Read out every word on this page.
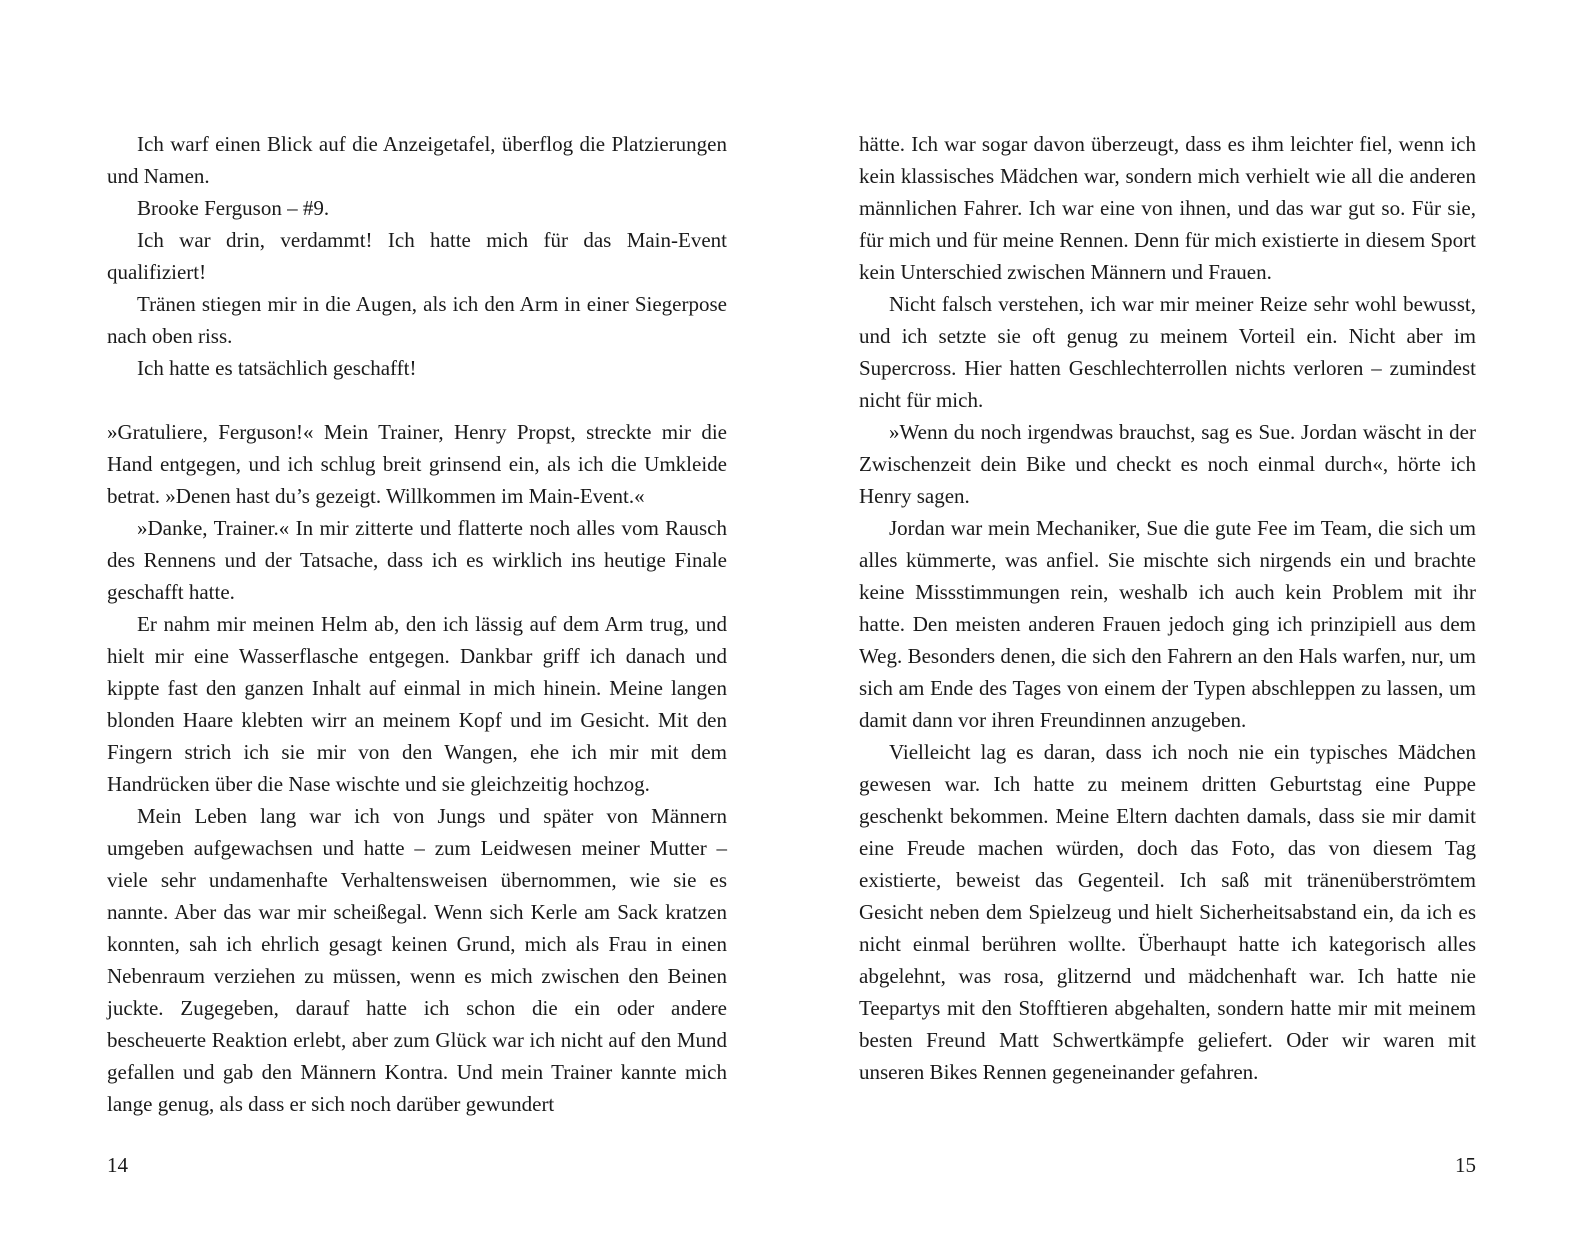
Ich warf einen Blick auf die Anzeigetafel, überflog die Platzierungen und Namen.

Brooke Ferguson – #9.

Ich war drin, verdammt! Ich hatte mich für das Main-Event qualifiziert!

Tränen stiegen mir in die Augen, als ich den Arm in einer Siegerpose nach oben riss.

Ich hatte es tatsächlich geschafft!

»Gratuliere, Ferguson!« Mein Trainer, Henry Propst, streckte mir die Hand entgegen, und ich schlug breit grinsend ein, als ich die Umkleide betrat. »Denen hast du’s gezeigt. Willkommen im Main-Event.«

»Danke, Trainer.« In mir zitterte und flatterte noch alles vom Rausch des Rennens und der Tatsache, dass ich es wirklich ins heutige Finale geschafft hatte.

Er nahm mir meinen Helm ab, den ich lässig auf dem Arm trug, und hielt mir eine Wasserflasche entgegen. Dankbar griff ich danach und kippte fast den ganzen Inhalt auf einmal in mich hinein. Meine langen blonden Haare klebten wirr an meinem Kopf und im Gesicht. Mit den Fingern strich ich sie mir von den Wangen, ehe ich mir mit dem Handrücken über die Nase wischte und sie gleichzeitig hochzog.

Mein Leben lang war ich von Jungs und später von Männern umgeben aufgewachsen und hatte – zum Leidwesen meiner Mutter – viele sehr undamenhafte Verhaltensweisen übernommen, wie sie es nannte. Aber das war mir scheißegal. Wenn sich Kerle am Sack kratzen konnten, sah ich ehrlich gesagt keinen Grund, mich als Frau in einen Nebenraum verziehen zu müssen, wenn es mich zwischen den Beinen juckte. Zugegeben, darauf hatte ich schon die ein oder andere bescheuerte Reaktion erlebt, aber zum Glück war ich nicht auf den Mund gefallen und gab den Männern Kontra. Und mein Trainer kannte mich lange genug, als dass er sich noch darüber gewundert

14

hätte. Ich war sogar davon überzeugt, dass es ihm leichter fiel, wenn ich kein klassisches Mädchen war, sondern mich verhielt wie all die anderen männlichen Fahrer. Ich war eine von ihnen, und das war gut so. Für sie, für mich und für meine Rennen. Denn für mich existierte in diesem Sport kein Unterschied zwischen Männern und Frauen.

Nicht falsch verstehen, ich war mir meiner Reize sehr wohl bewusst, und ich setzte sie oft genug zu meinem Vorteil ein. Nicht aber im Supercross. Hier hatten Geschlechterrollen nichts verloren – zumindest nicht für mich.

»Wenn du noch irgendwas brauchst, sag es Sue. Jordan wäscht in der Zwischenzeit dein Bike und checkt es noch einmal durch«, hörte ich Henry sagen.

Jordan war mein Mechaniker, Sue die gute Fee im Team, die sich um alles kümmerte, was anfiel. Sie mischte sich nirgends ein und brachte keine Missstimmungen rein, weshalb ich auch kein Problem mit ihr hatte. Den meisten anderen Frauen jedoch ging ich prinzipiell aus dem Weg. Besonders denen, die sich den Fahrern an den Hals warfen, nur, um sich am Ende des Tages von einem der Typen abschleppen zu lassen, um damit dann vor ihren Freundinnen anzugeben.

Vielleicht lag es daran, dass ich noch nie ein typisches Mädchen gewesen war. Ich hatte zu meinem dritten Geburtstag eine Puppe geschenkt bekommen. Meine Eltern dachten damals, dass sie mir damit eine Freude machen würden, doch das Foto, das von diesem Tag existierte, beweist das Gegenteil. Ich saß mit tränenüberströmtem Gesicht neben dem Spielzeug und hielt Sicherheitsabstand ein, da ich es nicht einmal berühren wollte. Überhaupt hatte ich kategorisch alles abgelehnt, was rosa, glitzernd und mädchenhaft war. Ich hatte nie Teepartys mit den Stofftieren abgehalten, sondern hatte mir mit meinem besten Freund Matt Schwertkämpfe geliefert. Oder wir waren mit unseren Bikes Rennen gegeneinander gefahren.

15
